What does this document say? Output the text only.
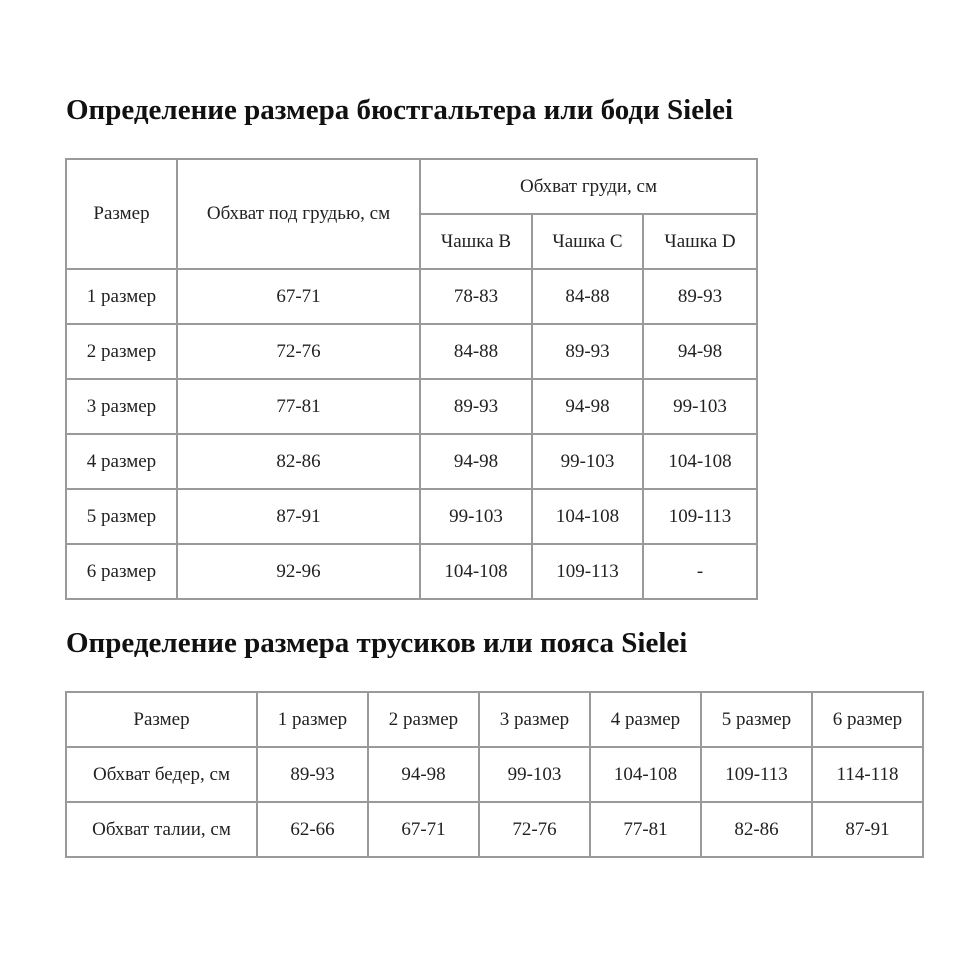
Определение размера бюстгальтера или боди Sielei
Размер	Обхват под грудью, см	Обхват груди, см		
		Чашка B	Чашка C	Чашка D
1 размер	67-71	78-83	84-88	89-93
2 размер	72-76	84-88	89-93	94-98
3 размер	77-81	89-93	94-98	99-103
4 размер	82-86	94-98	99-103	104-108
5 размер	87-91	99-103	104-108	109-113
6 размер	92-96	104-108	109-113	-
Определение размера трусиков или пояса Sielei
Размер	1 размер	2 размер	3 размер	4 размер	5 размер	6 размер
Обхват бедер, см	89-93	94-98	99-103	104-108	109-113	114-118
Обхват талии, см	62-66	67-71	72-76	77-81	82-86	87-91
